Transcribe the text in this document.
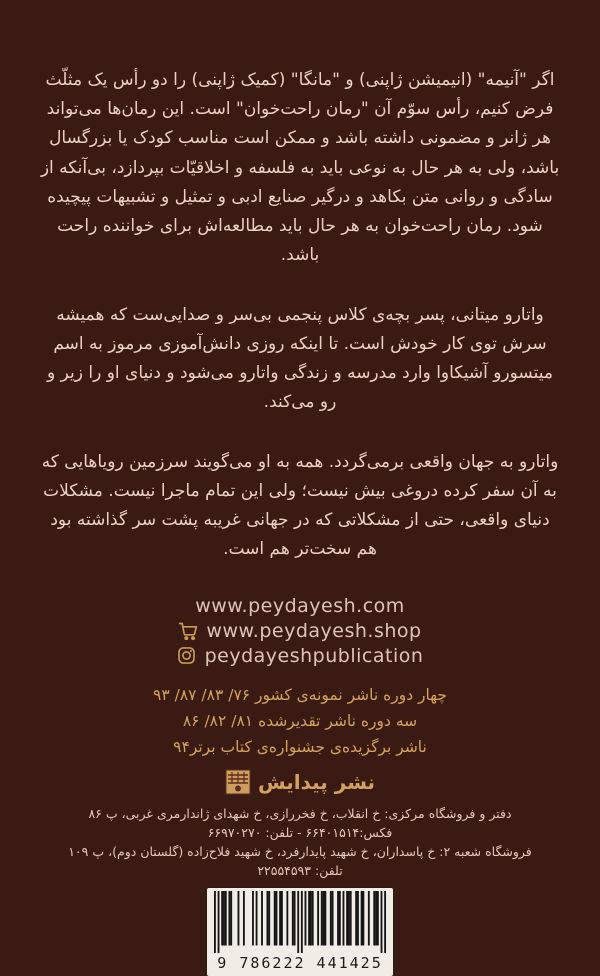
اگر "آنیمه" (انیمیشن ژاپنی) و "مانگا" (کمیک ژاپنی) را دو رأس یک مثلّث فرض کنیم، رأس سوّم آن "رمان راحت‌خوان" است. این رمان‌ها می‌تواند هر ژانر و مضمونی داشته باشد و ممکن است مناسب کودک یا بزرگسال باشد، ولی به هر حال به نوعی باید به فلسفه و اخلاقیّات بپردازد، بی‌آنکه از سادگی و روانی متن بکاهد و درگیر صنایع ادبی و تمثیل و تشبیهات پیچیده شود. رمان راحت‌خوان به هر حال باید مطالعه‌اش برای خواننده راحت باشد.

واتارو میتانی، پسر بچه‌ی کلاس پنجمی بی‌سر و صدایی‌ست که همیشه سرش توی کار خودش است. تا اینکه روزی دانش‌آموزی مرموز به اسم میتسورو آشیکاوا وارد مدرسه و زندگی واتارو می‌شود و دنیای او را زیر و رو می‌کند.

واتارو به جهان واقعی برمی‌گردد. همه به او می‌گویند سرزمین رویاهایی که به آن سفر کرده دروغی بیش نیست؛ ولی این تمام ماجرا نیست. مشکلات دنیای واقعی، حتی از مشکلاتی که در جهانی غریبه پشت سر گذاشته بود هم سخت‌تر هم است.

www.peydayesh.com
www.peydayesh.shop
peydayeshpublication
چهار دوره ناشر نمونه‌ی کشور ۷۶/ ۸۳/ ۸۷/ ۹۳
سه دوره ناشر تقدیرشده ۸۱/ ۸۲/ ۸۶
ناشر برگزیده‌ی جشنواره‌ی کتاب برتر۹۴
نشر پیدایش
دفتر و فروشگاه مرکزی: خ انقلاب، خ فخررازی، خ شهدای ژاندارمری غربی، پ ۸۶
فکس:۶۶۴۰۱۵۱۴ - تلفن: ۶۶۹۷۰۲۷۰
فروشگاه شعبه ۲: خ پاسداران، خ شهید پایدارفرد، خ شهید فلاح‌زاده (گلستان دوم)، پ ۱۰۹
تلفن: ۲۲۵۵۴۵۹۳
9 786222 441425
